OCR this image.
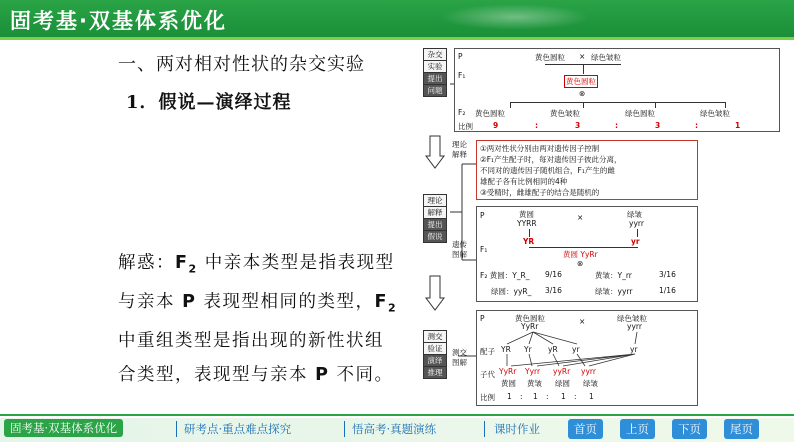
固考基·双基体系优化
一、两对相对性状的杂交实验
1．假说—演绎过程
解惑：$F_2$ 中亲本类型是指表现型
与亲本 P 表现型相同的类型，$F_2$
中重组类型是指出现的新性状组
合类型，表现型与亲本 P 不同。
杂交
实验
提出
问题
理论
解释
提出
假说
测交
验证
演绎
推理
理论解释
遗传图解
测交图解
P	黄色圆粒 × 绿色皱粒
F₁
黄色圆粒
⊗
F₂ 黄色圆粒	黄色皱粒	绿色圆粒	绿色皱粒
比例	9	:	3	:	3	:	1
①两对性状分别由两对遗传因子控制
②F₁产生配子时，每对遗传因子彼此分离，
不同对的遗传因子随机组合，F₁产生的雌
雄配子各有比例相同的4种
③受精时，雌雄配子的结合是随机的
P	黄圆
YYRR
×	绿皱
yyrr
YR	yr
F₁
黄圆 YyRr
⊗
F₂ 黄圆：Y_R_ 9/16	黄皱：Y_rr	3/16
绿圆：yyR_ 3/16	绿皱：yyrr	1/16
P	黄色圆粒
YyRr
×	绿色皱粒
yyrr
配子 YR Yr yR yr	yr
子代 YyRr Yyrr yyRr yyrr
黄圆 黄皱 绿圆 绿皱
比例 1 : 1 : 1 : 1
固考基·双基体系优化	研考点·重点难点探究	悟高考·真题演练	课时作业	首页	上页	下页	尾页
